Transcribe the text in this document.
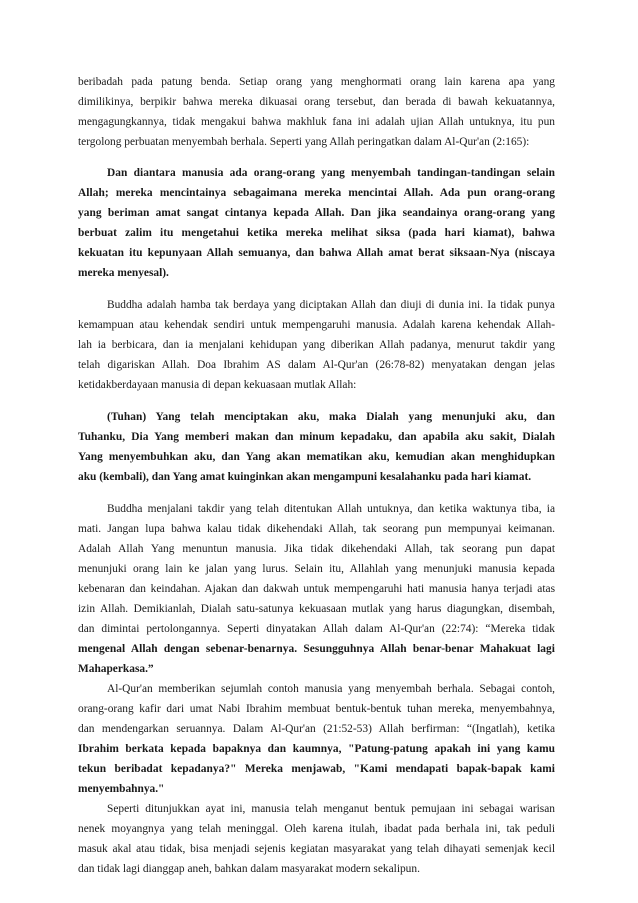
beribadah pada patung benda. Setiap orang yang menghormati orang lain karena apa yang
dimilikinya, berpikir bahwa mereka dikuasai orang tersebut, dan berada di bawah kekuatannya,
mengagungkannya, tidak mengakui bahwa makhluk fana ini adalah ujian Allah untuknya, itu pun
tergolong perbuatan menyembah berhala. Seperti yang Allah peringatkan dalam Al-Qur'an (2:165):
Dan diantara manusia ada orang-orang yang menyembah tandingan-tandingan selain
Allah; mereka mencintainya sebagaimana mereka mencintai Allah. Ada pun orang-orang
yang beriman amat sangat cintanya kepada Allah. Dan jika seandainya orang-orang yang
berbuat zalim itu mengetahui ketika mereka melihat siksa (pada hari kiamat), bahwa
kekuatan itu kepunyaan Allah semuanya, dan bahwa Allah amat berat siksaan-Nya (niscaya
mereka menyesal).
Buddha adalah hamba tak berdaya yang diciptakan Allah dan diuji di dunia ini. Ia tidak punya
kemampuan atau kehendak sendiri untuk mempengaruhi manusia. Adalah karena kehendak Allah-
lah ia berbicara, dan ia menjalani kehidupan yang diberikan Allah padanya, menurut takdir yang
telah digariskan Allah. Doa Ibrahim AS dalam Al-Qur'an (26:78-82) menyatakan dengan jelas
ketidakberdayaan manusia di depan kekuasaan mutlak Allah:
(Tuhan) Yang telah menciptakan aku, maka Dialah yang menunjuki aku, dan
Tuhanku, Dia Yang memberi makan dan minum kepadaku, dan apabila aku sakit, Dialah
Yang menyembuhkan aku, dan Yang akan mematikan aku, kemudian akan menghidupkan
aku (kembali), dan Yang amat kuinginkan akan mengampuni kesalahanku pada hari kiamat.
Buddha menjalani takdir yang telah ditentukan Allah untuknya, dan ketika waktunya tiba, ia
mati. Jangan lupa bahwa kalau tidak dikehendaki Allah, tak seorang pun mempunyai keimanan.
Adalah Allah Yang menuntun manusia. Jika tidak dikehendaki Allah, tak seorang pun dapat
menunjuki orang lain ke jalan yang lurus. Selain itu, Allahlah yang menunjuki manusia kepada
kebenaran dan keindahan. Ajakan dan dakwah untuk mempengaruhi hati manusia hanya terjadi atas
izin Allah. Demikianlah, Dialah satu-satunya kekuasaan mutlak yang harus diagungkan, disembah,
dan dimintai pertolongannya. Seperti dinyatakan Allah dalam Al-Qur'an (22:74): “Mereka tidak
mengenal Allah dengan sebenar-benarnya. Sesungguhnya Allah benar-benar Mahakuat lagi
Mahaperkasa.”
Al-Qur'an memberikan sejumlah contoh manusia yang menyembah berhala. Sebagai contoh,
orang-orang kafir dari umat Nabi Ibrahim membuat bentuk-bentuk tuhan mereka, menyembahnya,
dan mendengarkan seruannya. Dalam Al-Qur'an (21:52-53) Allah berfirman: “(Ingatlah), ketika
Ibrahim berkata kepada bapaknya dan kaumnya, "Patung-patung apakah ini yang kamu
tekun beribadat kepadanya?" Mereka menjawab, "Kami mendapati bapak-bapak kami
menyembahnya."
Seperti ditunjukkan ayat ini, manusia telah menganut bentuk pemujaan ini sebagai warisan
nenek moyangnya yang telah meninggal. Oleh karena itulah, ibadat pada berhala ini, tak peduli
masuk akal atau tidak, bisa menjadi sejenis kegiatan masyarakat yang telah dihayati semenjak kecil
dan tidak lagi dianggap aneh, bahkan dalam masyarakat modern sekalipun.
